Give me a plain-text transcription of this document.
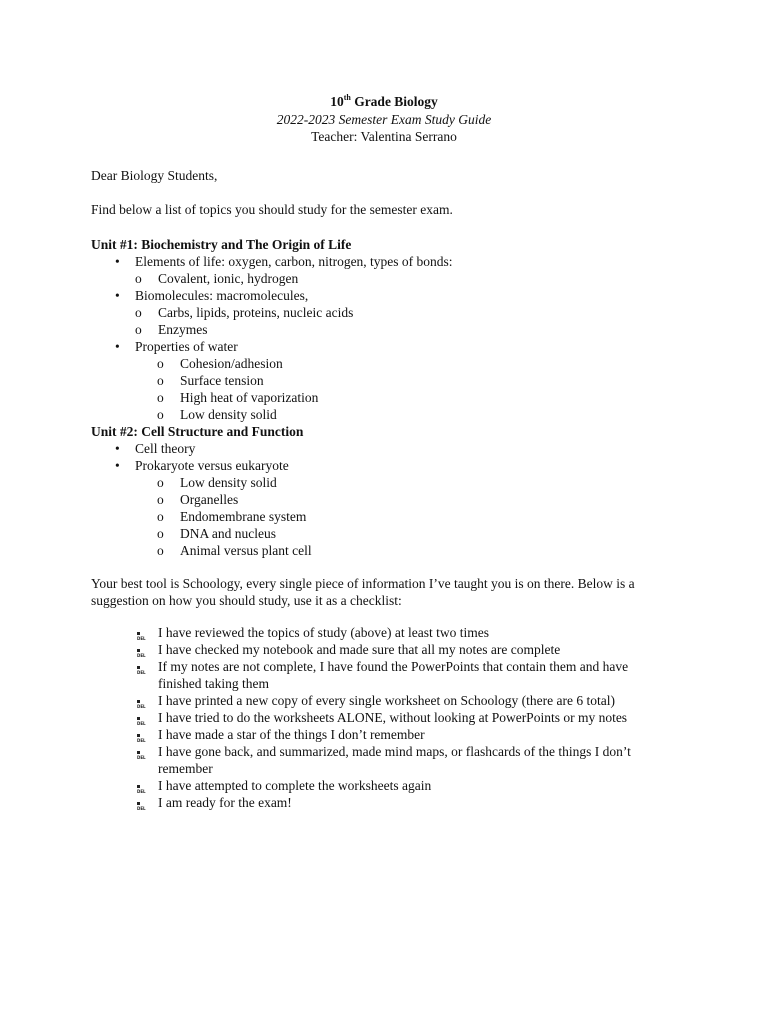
10th Grade Biology
2022-2023 Semester Exam Study Guide
Teacher: Valentina Serrano
Dear Biology Students,
Find below a list of topics you should study for the semester exam.
Unit #1: Biochemistry and The Origin of Life
• Elements of life: oxygen, carbon, nitrogen, types of bonds:
o Covalent, ionic, hydrogen
• Biomolecules: macromolecules,
o Carbs, lipids, proteins, nucleic acids
o Enzymes
• Properties of water
o Cohesion/adhesion
o Surface tension
o High heat of vaporization
o Low density solid
Unit #2: Cell Structure and Function
• Cell theory
• Prokaryote versus eukaryote
o Low density solid
o Organelles
o Endomembrane system
o DNA and nucleus
o Animal versus plant cell
Your best tool is Schoology, every single piece of information I’ve taught you is on there. Below is a suggestion on how you should study, use it as a checklist:
DEL I have reviewed the topics of study (above) at least two times
DEL I have checked my notebook and made sure that all my notes are complete
DEL If my notes are not complete, I have found the PowerPoints that contain them and have finished taking them
DEL I have printed a new copy of every single worksheet on Schoology (there are 6 total)
DEL I have tried to do the worksheets ALONE, without looking at PowerPoints or my notes
DEL I have made a star of the things I don’t remember
DEL I have gone back, and summarized, made mind maps, or flashcards of the things I don’t remember
DEL I have attempted to complete the worksheets again
DEL I am ready for the exam!
